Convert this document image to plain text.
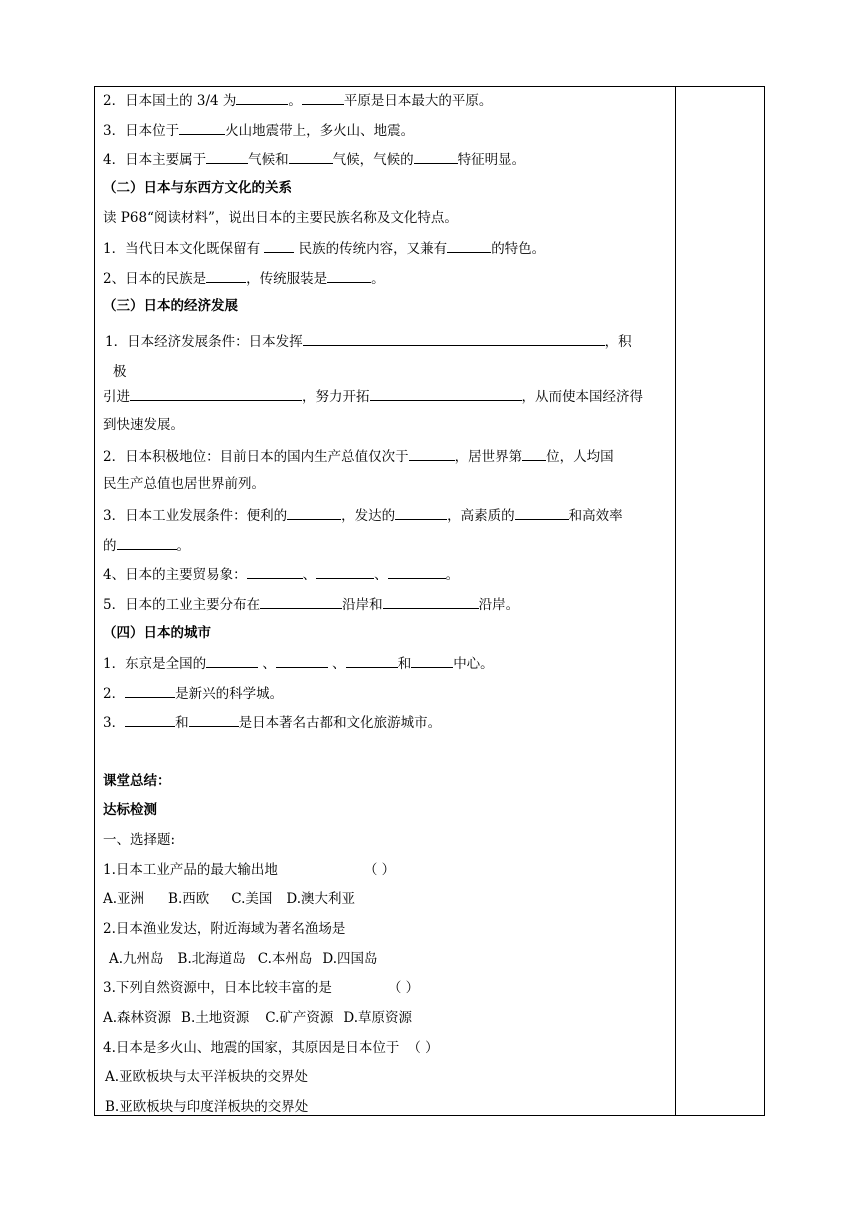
2．日本国土的 3/4 为	。	平原是日本最大的平原。
3．日本位于	火山地震带上，多火山、地震。
4．日本主要属于	气候和	气候，气候的	特征明显。
（二）日本与东西方文化的关系
读 P68“阅读材料”，说出日本的主要民族名称及文化特点。
1．当代日本文化既保留有  民族的传统内容，又兼有	的特色。
2、日本的民族是	，传统服装是	。
（三）日本的经济发展
1．日本经济发展条件：日本发挥	，积
极
引进	，努力开拓	，从而使本国经济得
到快速发展。
2．日本积极地位：目前日本的国内生产总值仅次于	，居世界第 位，人均国
民生产总值也居世界前列。
3．日本工业发展条件：便利的	，发达的	，高素质的	和高效率
的	。
4、日本的主要贸易象：	、	、	。
5．日本的工业主要分布在	沿岸和	沿岸。
（四）日本的城市
1．东京是全国的	、	、	和	中心。
2．	是新兴的科学城。
3．	和	是日本著名古都和文化旅游城市。
课堂总结：
达标检测
一、选择题:
1.日本工业产品的最大输出地	（ ）
A.亚洲 B.西欧 C.美国 D.澳大利亚
2.日本渔业发达，附近海域为著名渔场是
A.九州岛 B.北海道岛 C.本州岛 D.四国岛
3.下列自然资源中，日本比较丰富的是	（ ）
A.森林资源 B.土地资源 C.矿产资源 D.草原资源
4.日本是多火山、地震的国家，其原因是日本位于 （ ）
A.亚欧板块与太平洋板块的交界处
B.亚欧板块与印度洋板块的交界处
